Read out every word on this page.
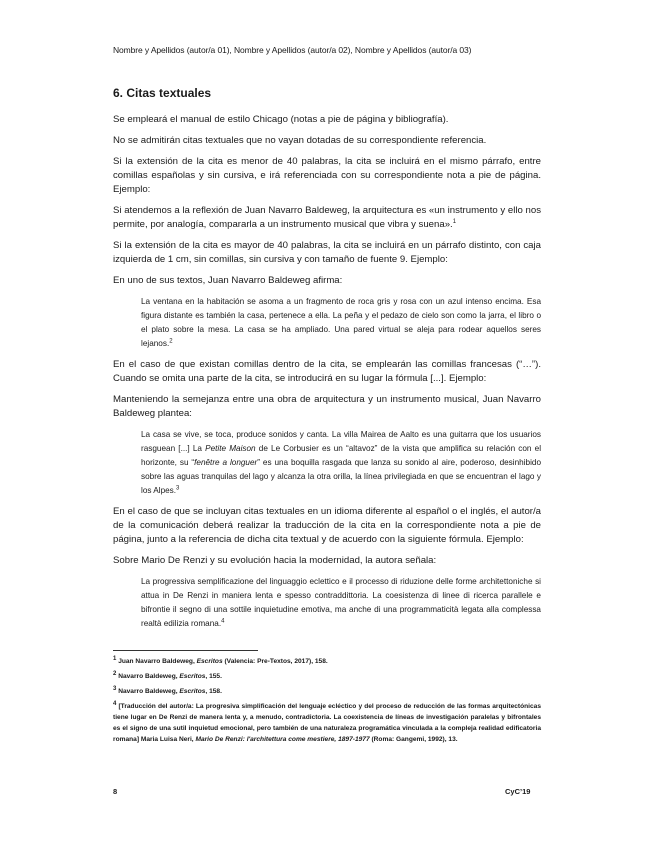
Nombre y Apellidos (autor/a 01), Nombre y Apellidos (autor/a 02), Nombre y Apellidos (autor/a 03)
6. Citas textuales

Se empleará el manual de estilo Chicago (notas a pie de página y bibliografía).

No se admitirán citas textuales que no vayan dotadas de su correspondiente referencia.

Si la extensión de la cita es menor de 40 palabras, la cita se incluirá en el mismo párrafo, entre comillas españolas y sin cursiva, e irá referenciada con su correspondiente nota a pie de página. Ejemplo:

Si atendemos a la reflexión de Juan Navarro Baldeweg, la arquitectura es «un instrumento y ello nos permite, por analogía, compararla a un instrumento musical que vibra y suena».$^1$

Si la extensión de la cita es mayor de 40 palabras, la cita se incluirá en un párrafo distinto, con caja izquierda de 1 cm, sin comillas, sin cursiva y con tamaño de fuente 9. Ejemplo:

En uno de sus textos, Juan Navarro Baldeweg afirma:

La ventana en la habitación se asoma a un fragmento de roca gris y rosa con un azul intenso encima. Esa figura distante es también la casa, pertenece a ella. La peña y el pedazo de cielo son como la jarra, el libro o el plato sobre la mesa. La casa se ha ampliado. Una pared virtual se aleja para rodear aquellos seres lejanos.$^2$

En el caso de que existan comillas dentro de la cita, se emplearán las comillas francesas (“…”). Cuando se omita una parte de la cita, se introducirá en su lugar la fórmula [...]. Ejemplo:

Manteniendo la semejanza entre una obra de arquitectura y un instrumento musical, Juan Navarro Baldeweg plantea:

La casa se vive, se toca, produce sonidos y canta. La villa Mairea de Aalto es una guitarra que los usuarios rasguean [...] La Petite Maison de Le Corbusier es un “altavoz” de la vista que amplifica su relación con el horizonte, su “fenêtre a longuer” es una boquilla rasgada que lanza su sonido al aire, poderoso, desinhibido sobre las aguas tranquilas del lago y alcanza la otra orilla, la línea privilegiada en que se encuentran el lago y los Alpes.$^3$

En el caso de que se incluyan citas textuales en un idioma diferente al español o el inglés, el autor/a de la comunicación deberá realizar la traducción de la cita en la correspondiente nota a pie de página, junto a la referencia de dicha cita textual y de acuerdo con la siguiente fórmula. Ejemplo:

Sobre Mario De Renzi y su evolución hacia la modernidad, la autora señala:

La progressiva semplificazione del linguaggio eclettico e il processo di riduzione delle forme architettoniche si attua in De Renzi in maniera lenta e spesso contraddittoria. La coesistenza di linee di ricerca parallele e bifrontie il segno di una sottile inquietudine emotiva, ma anche di una programmaticità legata alla complessa realtà edilizia romana.$^4$
$^1$ Juan Navarro Baldeweg, Escritos (Valencia: Pre-Textos, 2017), 158.
$^2$ Navarro Baldeweg, Escritos, 155.
$^3$ Navarro Baldeweg, Escritos, 158.
$^4$ [Traducción del autor/a: La progresiva simplificación del lenguaje ecléctico y del proceso de reducción de las formas arquitectónicas tiene lugar en De Renzi de manera lenta y, a menudo, contradictoria. La coexistencia de líneas de investigación paralelas y bifrontales es el signo de una sutil inquietud emocional, pero también de una naturaleza programática vinculada a la compleja realidad edificatoria romana] Maria Luisa Neri, Mario De Renzi: l'architettura come mestiere, 1897-1977 (Roma: Gangemi, 1992), 13.
8	CyC’19
